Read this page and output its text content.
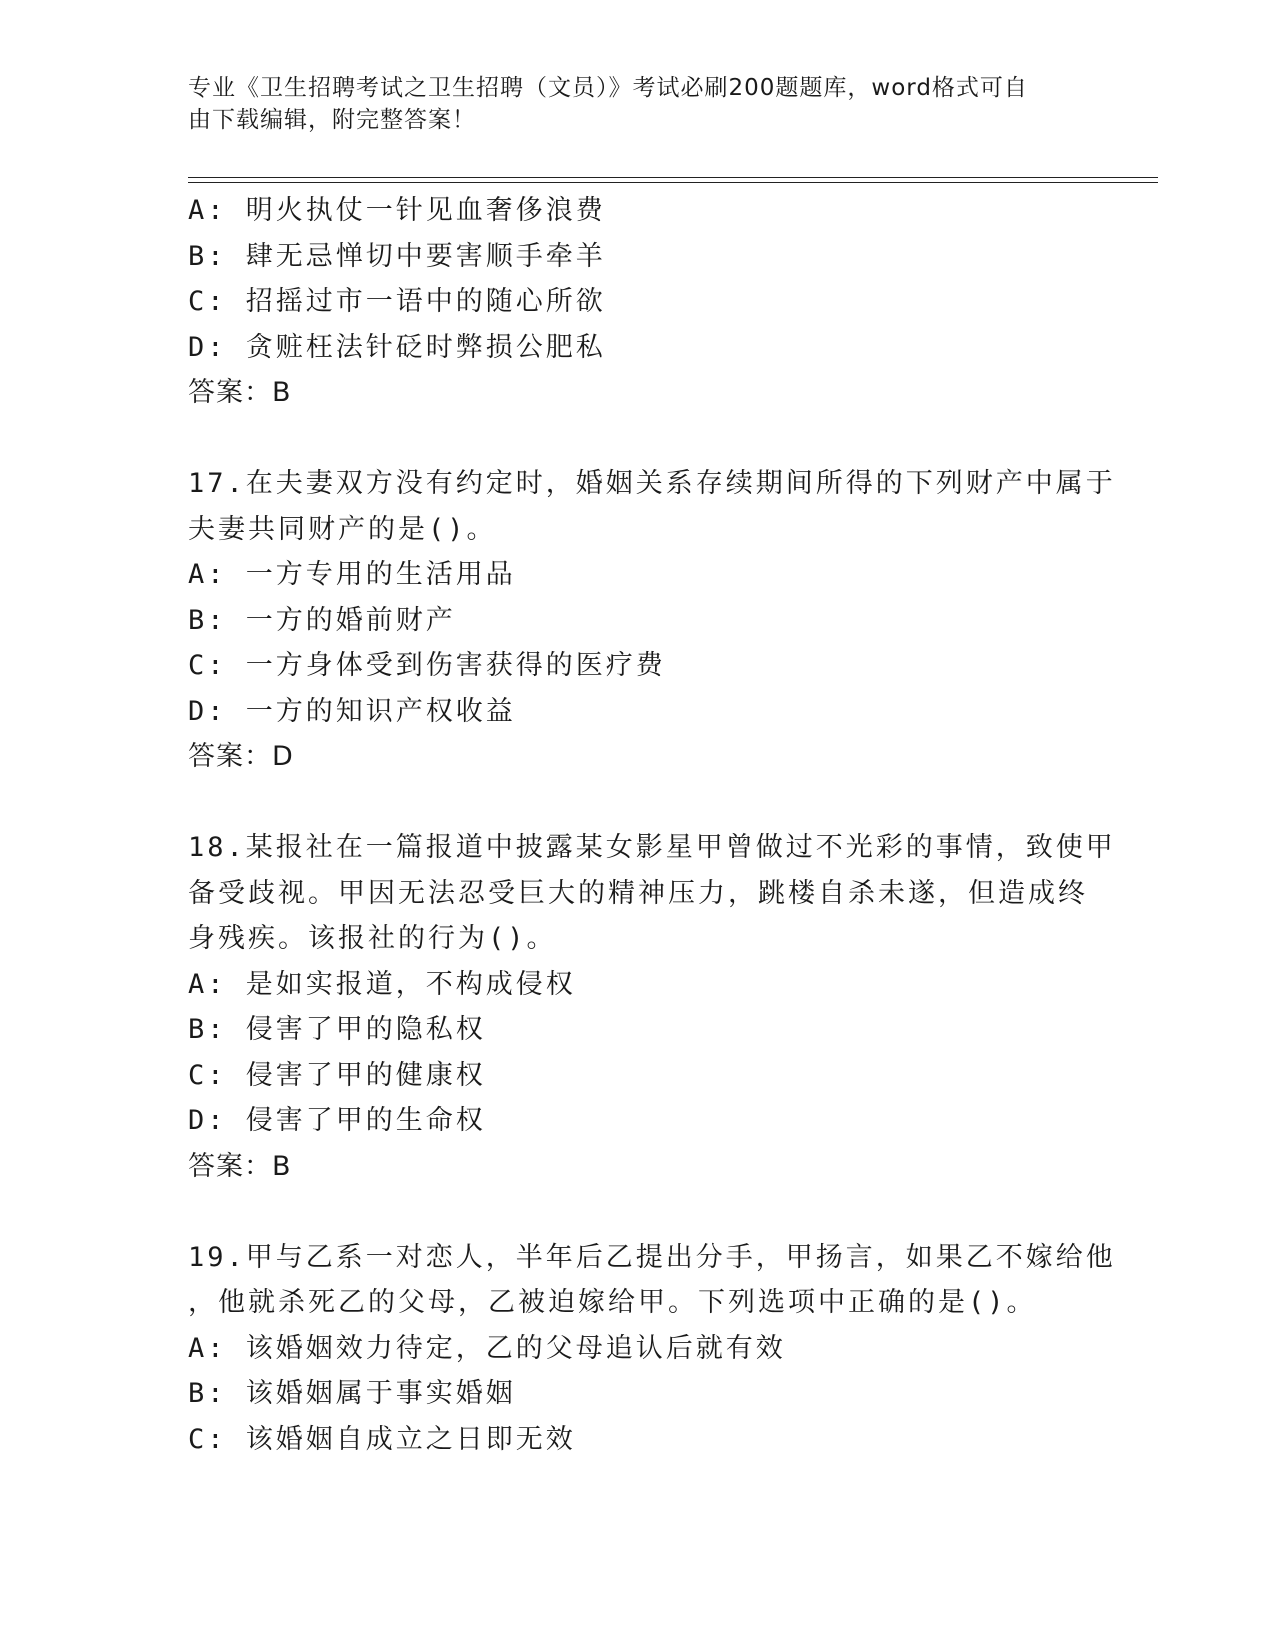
专业《卫生招聘考试之卫生招聘（文员）》考试必刷200题题库，word格式可自
由下载编辑，附完整答案！
A: 明火执仗一针见血奢侈浪费
B: 肆无忌惮切中要害顺手牵羊
C: 招摇过市一语中的随心所欲
D: 贪赃枉法针砭时弊损公肥私
答案：B
17.在夫妻双方没有约定时，婚姻关系存续期间所得的下列财产中属于
夫妻共同财产的是()。
A: 一方专用的生活用品
B: 一方的婚前财产
C: 一方身体受到伤害获得的医疗费
D: 一方的知识产权收益
答案：D
18.某报社在一篇报道中披露某女影星甲曾做过不光彩的事情，致使甲
备受歧视。甲因无法忍受巨大的精神压力，跳楼自杀未遂，但造成终
身残疾。该报社的行为()。
A: 是如实报道，不构成侵权
B: 侵害了甲的隐私权
C: 侵害了甲的健康权
D: 侵害了甲的生命权
答案：B
19.甲与乙系一对恋人，半年后乙提出分手，甲扬言，如果乙不嫁给他
，他就杀死乙的父母，乙被迫嫁给甲。下列选项中正确的是()。
A: 该婚姻效力待定，乙的父母追认后就有效
B: 该婚姻属于事实婚姻
C: 该婚姻自成立之日即无效
